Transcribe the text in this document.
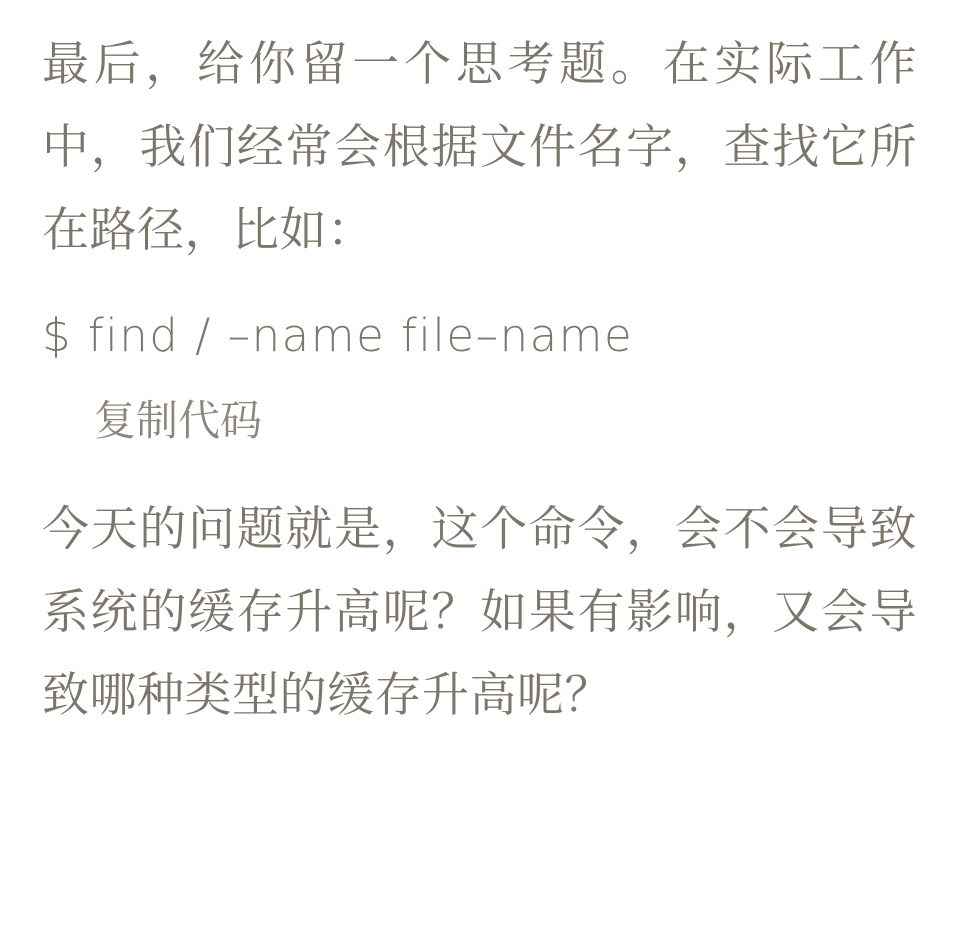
最后，给你留一个思考题。在实际工作中，我们经常会根据文件名字，查找它所在路径，比如：

$ find / –name file–name
复制代码

今天的问题就是，这个命令，会不会导致系统的缓存升高呢？如果有影响，又会导致哪种类型的缓存升高呢？
